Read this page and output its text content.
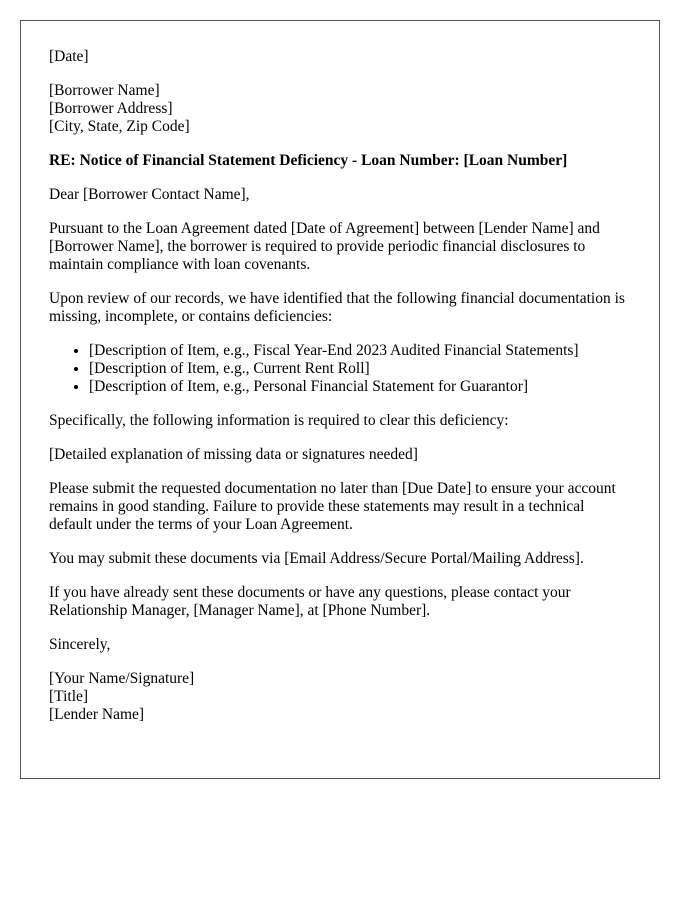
[Date]

[Borrower Name]
[Borrower Address]
[City, State, Zip Code]

RE: Notice of Financial Statement Deficiency - Loan Number: [Loan Number]

Dear [Borrower Contact Name],

Pursuant to the Loan Agreement dated [Date of Agreement] between [Lender Name] and [Borrower Name], the borrower is required to provide periodic financial disclosures to maintain compliance with loan covenants.

Upon review of our records, we have identified that the following financial documentation is missing, incomplete, or contains deficiencies:

• [Description of Item, e.g., Fiscal Year-End 2023 Audited Financial Statements]
• [Description of Item, e.g., Current Rent Roll]
• [Description of Item, e.g., Personal Financial Statement for Guarantor]

Specifically, the following information is required to clear this deficiency:

[Detailed explanation of missing data or signatures needed]

Please submit the requested documentation no later than [Due Date] to ensure your account remains in good standing. Failure to provide these statements may result in a technical default under the terms of your Loan Agreement.

You may submit these documents via [Email Address/Secure Portal/Mailing Address].

If you have already sent these documents or have any questions, please contact your Relationship Manager, [Manager Name], at [Phone Number].

Sincerely,

[Your Name/Signature]
[Title]
[Lender Name]
